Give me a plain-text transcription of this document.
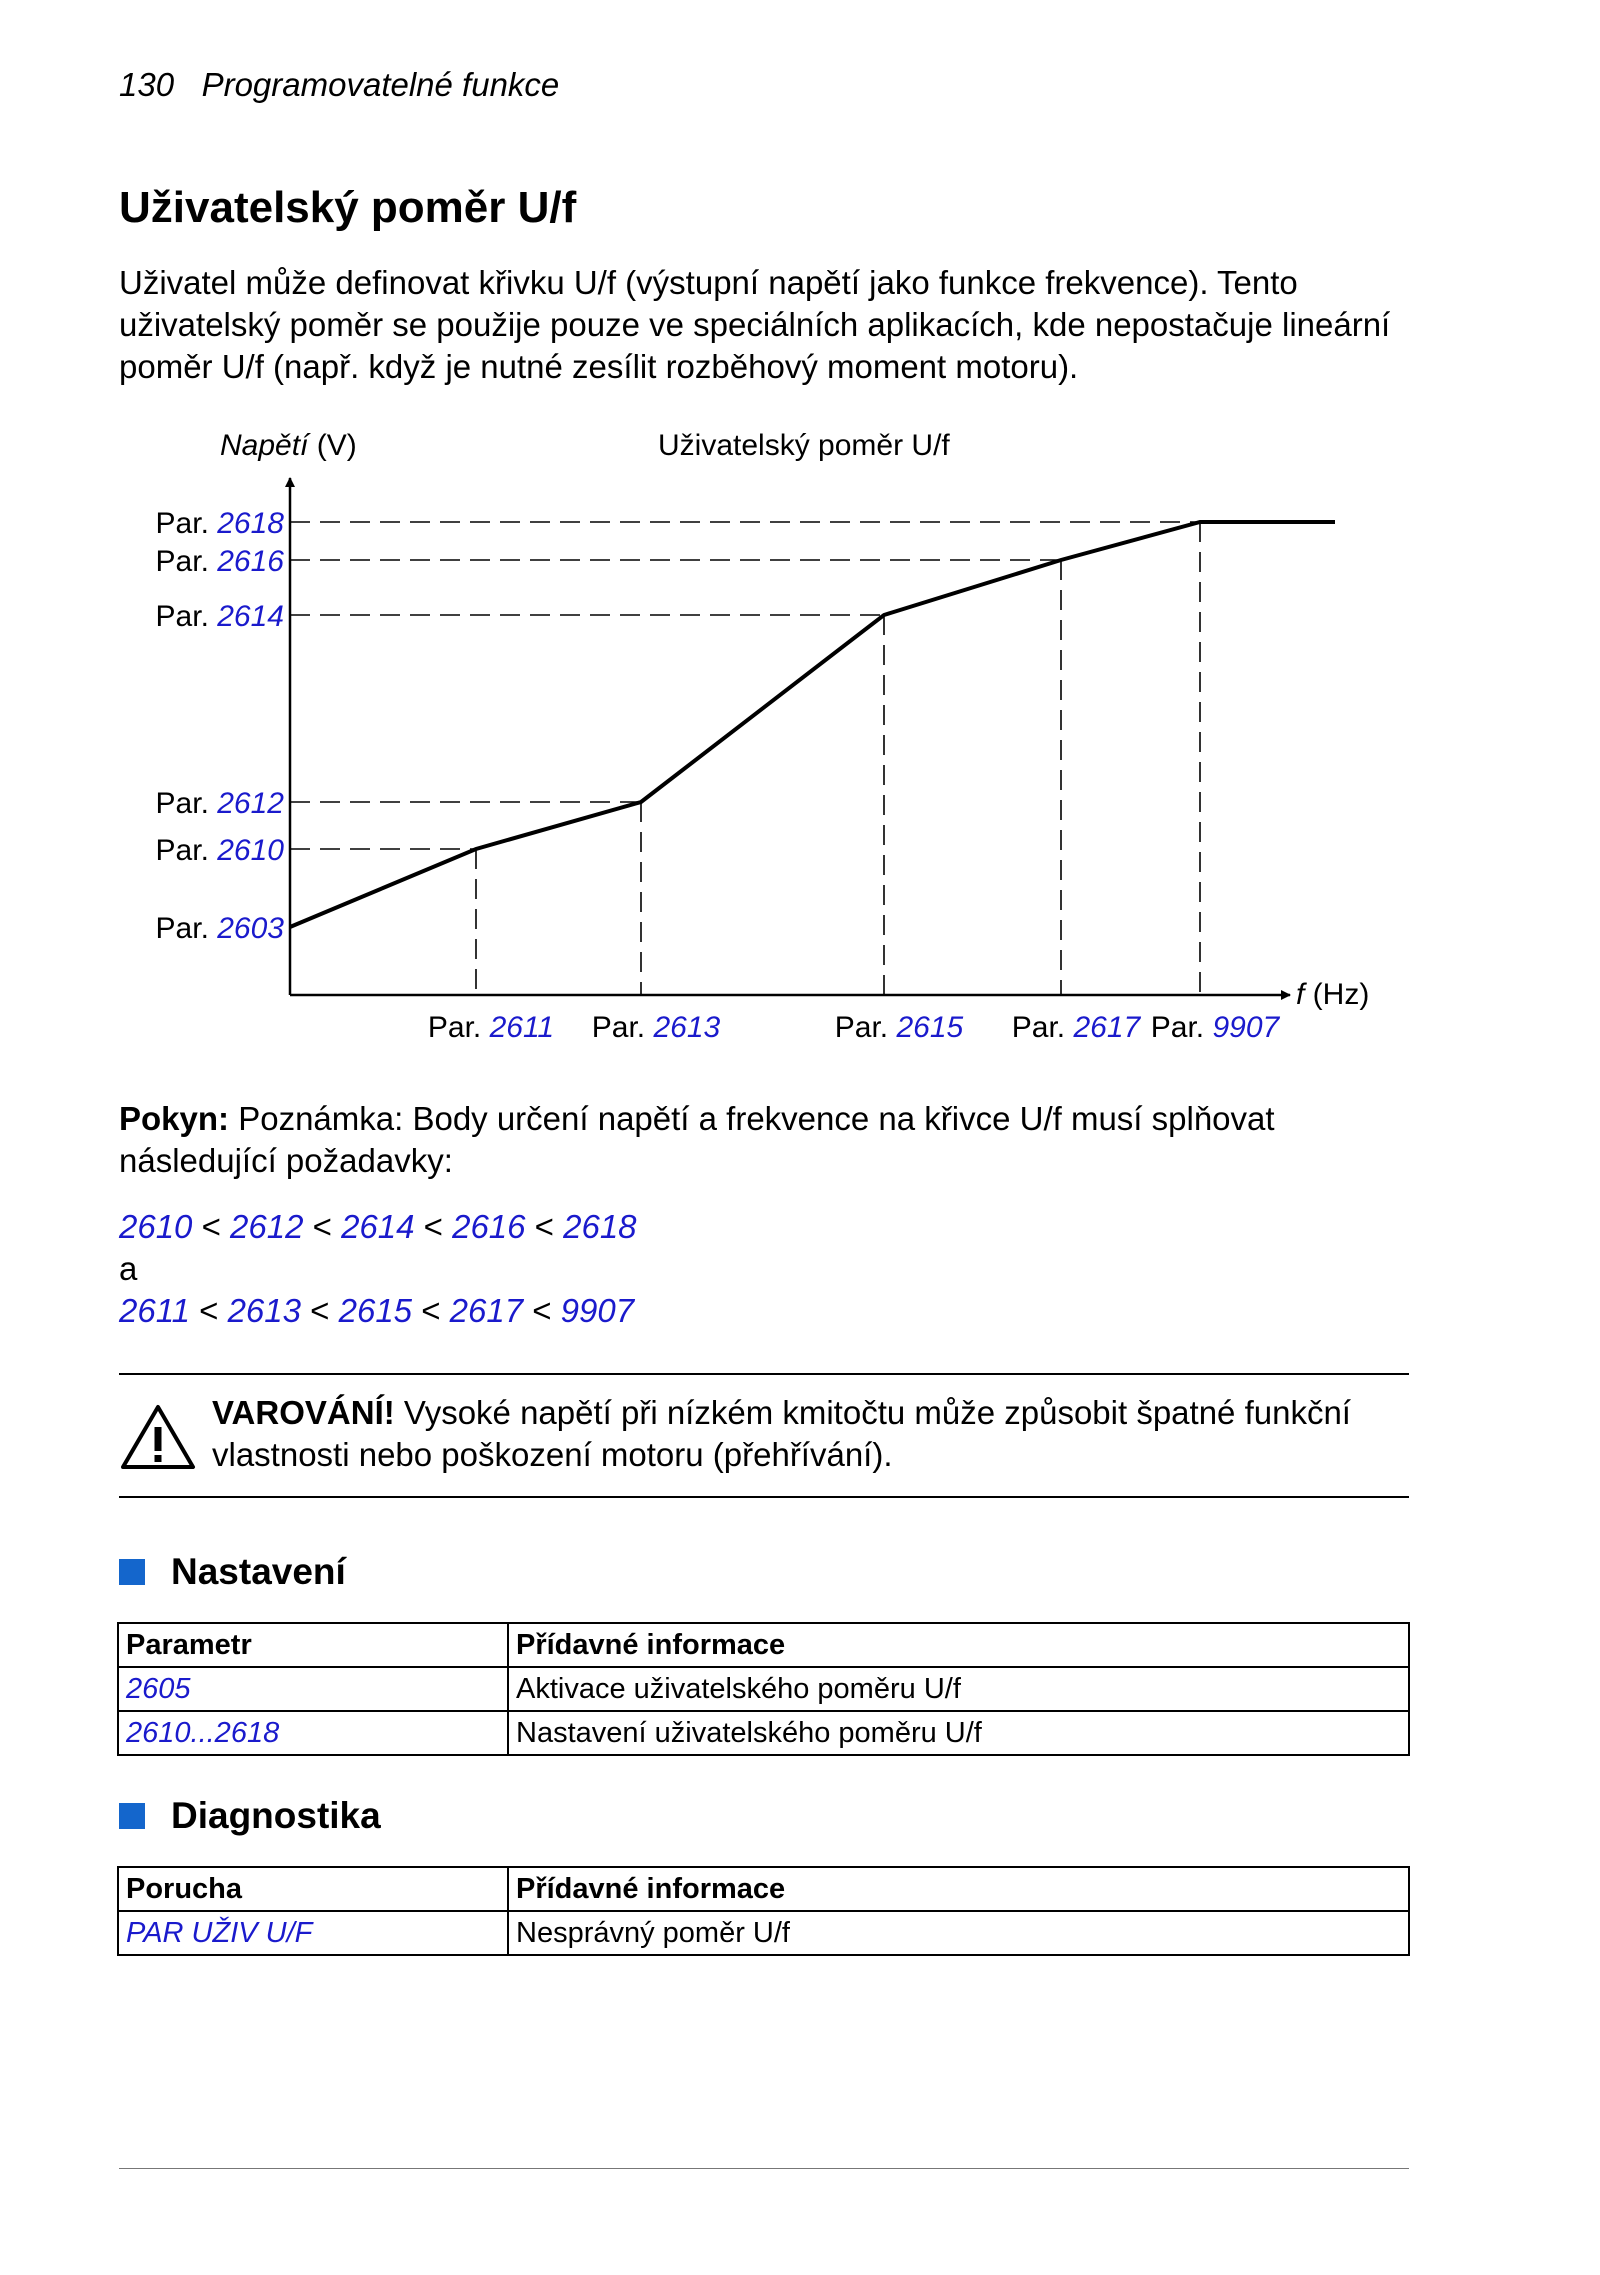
130 Programovatelné funkce
Uživatelský poměr U/f

Uživatel může definovat křivku U/f (výstupní napětí jako funkce frekvence). Tento uživatelský poměr se použije pouze ve speciálních aplikacích, kde nepostačuje lineární poměr U/f (např. když je nutné zesílit rozběhový moment motoru).

Par. 2603
Par. 2610
Par. 2612
Par. 2614
Par. 2616
Par. 2618
Par. 2611 Par. 2613	Par. 2615 Par. 2617 Par. 9907
Napětí (V)	Uživatelský poměr U/f
f (Hz)

Pokyn: Poznámka: Body určení napětí a frekvence na křivce U/f musí splňovat následující požadavky:

2610 < 2612 < 2614 < 2616 < 2618
a
2611 < 2613 < 2615 < 2617 < 9907

VAROVÁNÍ! Vysoké napětí při nízkém kmitočtu může způsobit špatné funkční vlastnosti nebo poškození motoru (přehřívání).

Nastavení
Parametr	Přídavné informace
2605	Aktivace uživatelského poměru U/f
2610...2618	Nastavení uživatelského poměru U/f
Diagnostika
Porucha	Přídavné informace
PAR UŽIV U/F	Nesprávný poměr U/f
